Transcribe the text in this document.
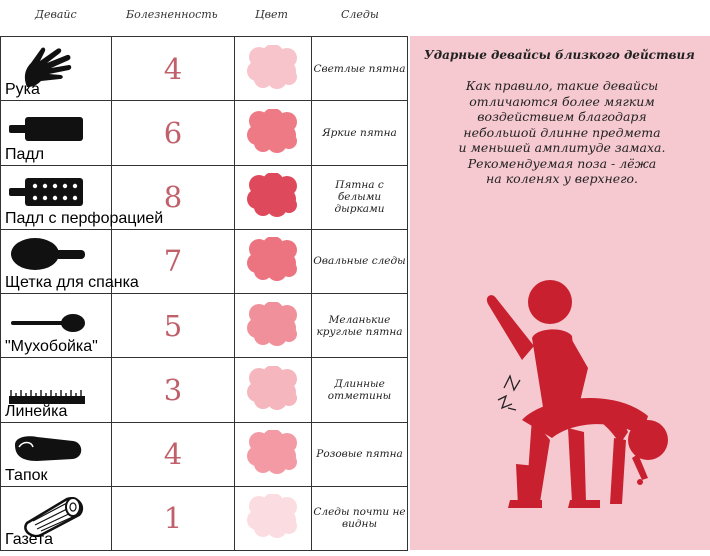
Девайс	Болезненность	Цвет	Следы
Рука	4		Светлые пятна

Падл	6		Яркие пятна

Падл с перфорацией	8		Пятна с белыми дырками

Щетка для спанка	7		Овальные следы

"Мухобойка"	5		Меланькие круглые пятна

Линейка	3		Длинные отметины

Тапок	4		Розовые пятна

Газета	1		Следы почти не видны
Ударные девайсы близкого действия
Как правило, такие девайсы
отличаются более мягким
воздействием благодаря
небольшой длинне предмета
и меньшей амплитуде замаха.
Рекомендуемая поза - лёжа
на коленях у верхнего.
